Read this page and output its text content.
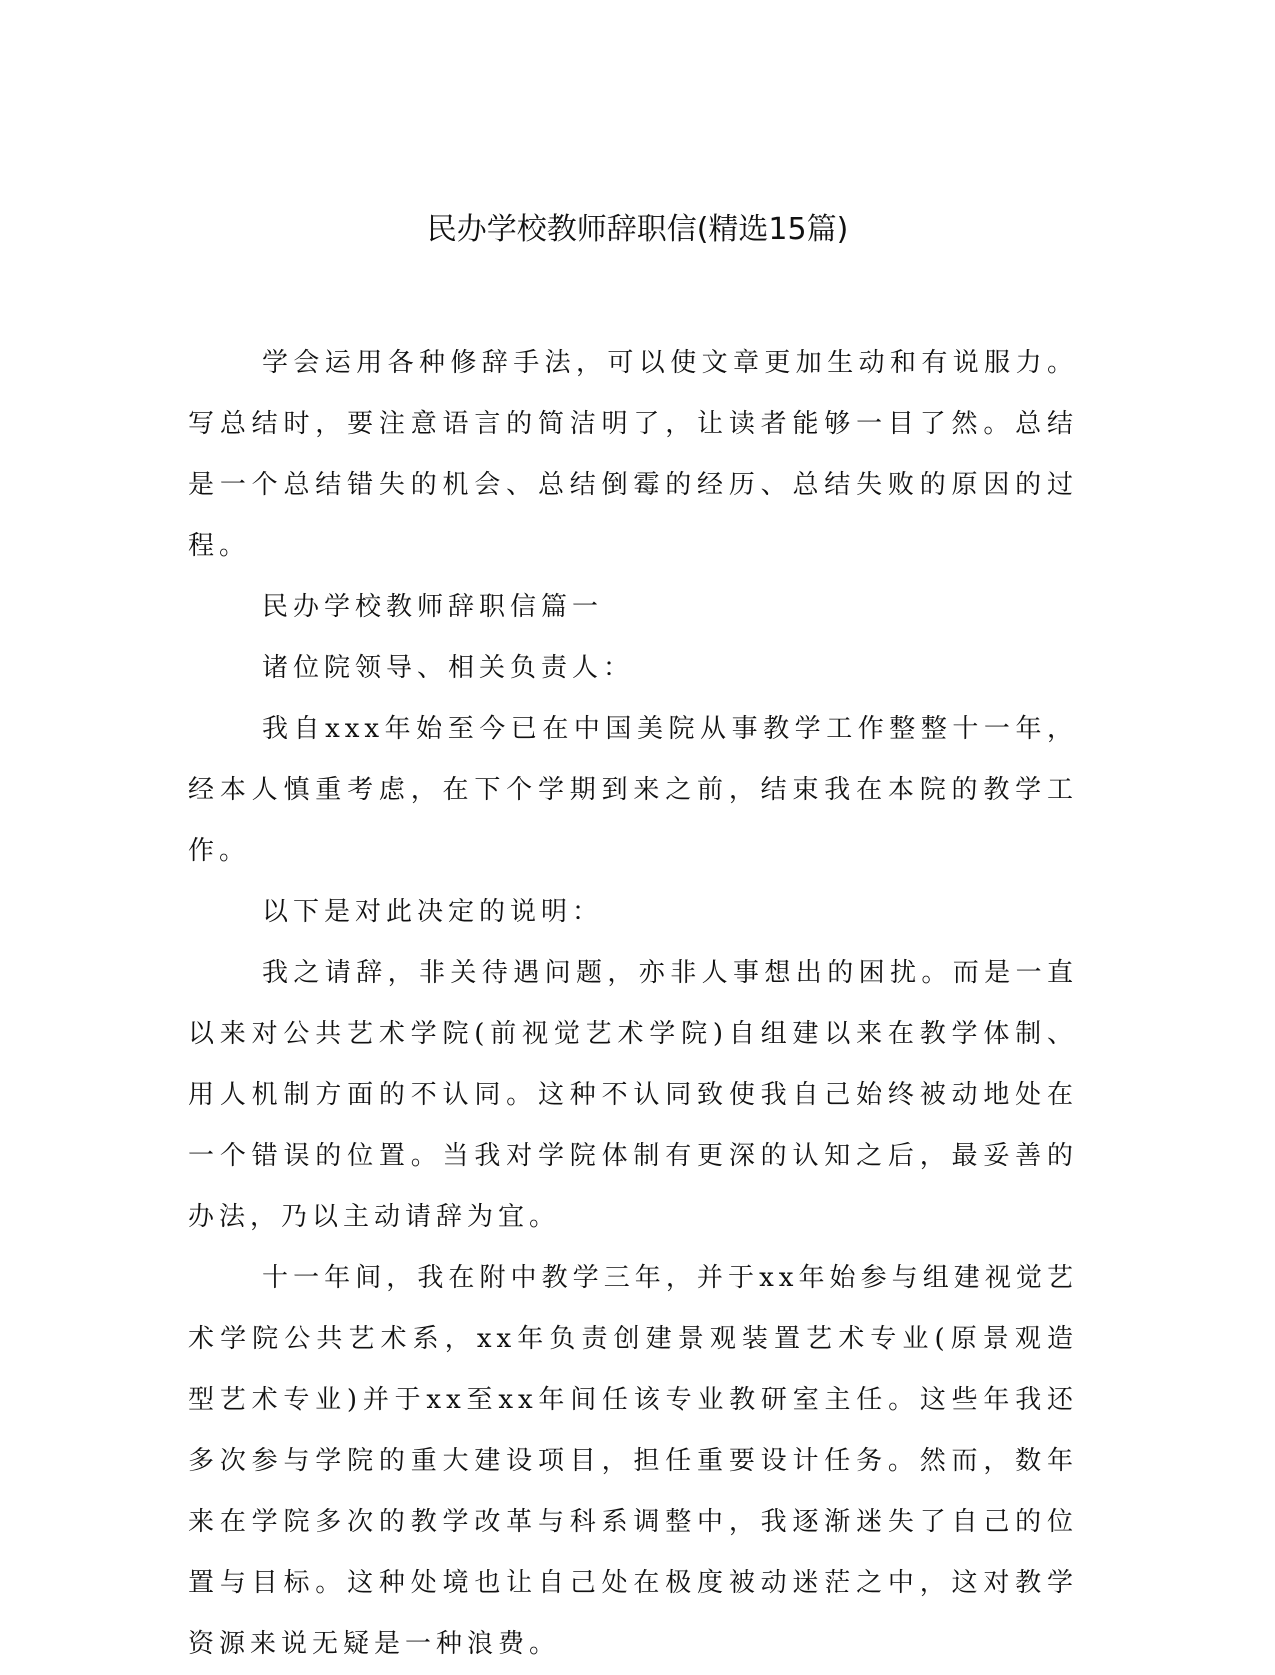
民办学校教师辞职信(精选15篇)

学会运用各种修辞手法，可以使文章更加生动和有说服力。写总结时，要注意语言的简洁明了，让读者能够一目了然。总结是一个总结错失的机会、总结倒霉的经历、总结失败的原因的过程。

民办学校教师辞职信篇一

诸位院领导、相关负责人：

我自xxx年始至今已在中国美院从事教学工作整整十一年，经本人慎重考虑，在下个学期到来之前，结束我在本院的教学工作。

以下是对此决定的说明：

我之请辞，非关待遇问题，亦非人事想出的困扰。而是一直以来对公共艺术学院(前视觉艺术学院)自组建以来在教学体制、用人机制方面的不认同。这种不认同致使我自己始终被动地处在一个错误的位置。当我对学院体制有更深的认知之后，最妥善的办法，乃以主动请辞为宜。

十一年间，我在附中教学三年，并于xx年始参与组建视觉艺术学院公共艺术系，xx年负责创建景观装置艺术专业(原景观造型艺术专业)并于xx至xx年间任该专业教研室主任。这些年我还多次参与学院的重大建设项目，担任重要设计任务。然而，数年来在学院多次的教学改革与科系调整中，我逐渐迷失了自己的位置与目标。这种处境也让自己处在极度被动迷茫之中，这对教学资源来说无疑是一种浪费。
